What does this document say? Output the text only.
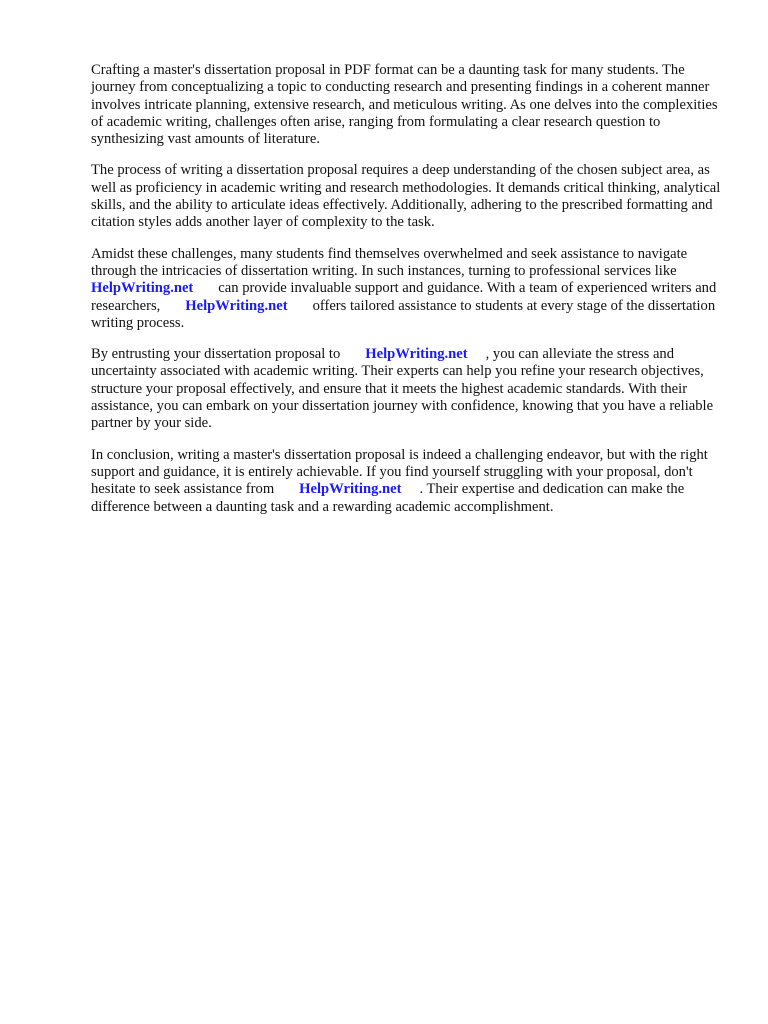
Crafting a master's dissertation proposal in PDF format can be a daunting task for many students. The journey from conceptualizing a topic to conducting research and presenting findings in a coherent manner involves intricate planning, extensive research, and meticulous writing. As one delves into the complexities of academic writing, challenges often arise, ranging from formulating a clear research question to synthesizing vast amounts of literature.

The process of writing a dissertation proposal requires a deep understanding of the chosen subject area, as well as proficiency in academic writing and research methodologies. It demands critical thinking, analytical skills, and the ability to articulate ideas effectively. Additionally, adhering to the prescribed formatting and citation styles adds another layer of complexity to the task.

Amidst these challenges, many students find themselves overwhelmed and seek assistance to navigate through the intricacies of dissertation writing. In such instances, turning to professional services likeHelpWriting.net can provide invaluable support and guidance. With a team of experienced writers and researchers, HelpWriting.net offers tailored assistance to students at every stage of the dissertation writing process.

By entrusting your dissertation proposal to HelpWriting.net , you can alleviate the stress and uncertainty associated with academic writing. Their experts can help you refine your research objectives, structure your proposal effectively, and ensure that it meets the highest academic standards. With their assistance, you can embark on your dissertation journey with confidence, knowing that you have a reliable partner by your side.

In conclusion, writing a master's dissertation proposal is indeed a challenging endeavor, but with the right support and guidance, it is entirely achievable. If you find yourself struggling with your proposal, don't hesitate to seek assistance from HelpWriting.net . Their expertise and dedication can make the difference between a daunting task and a rewarding academic accomplishment.
